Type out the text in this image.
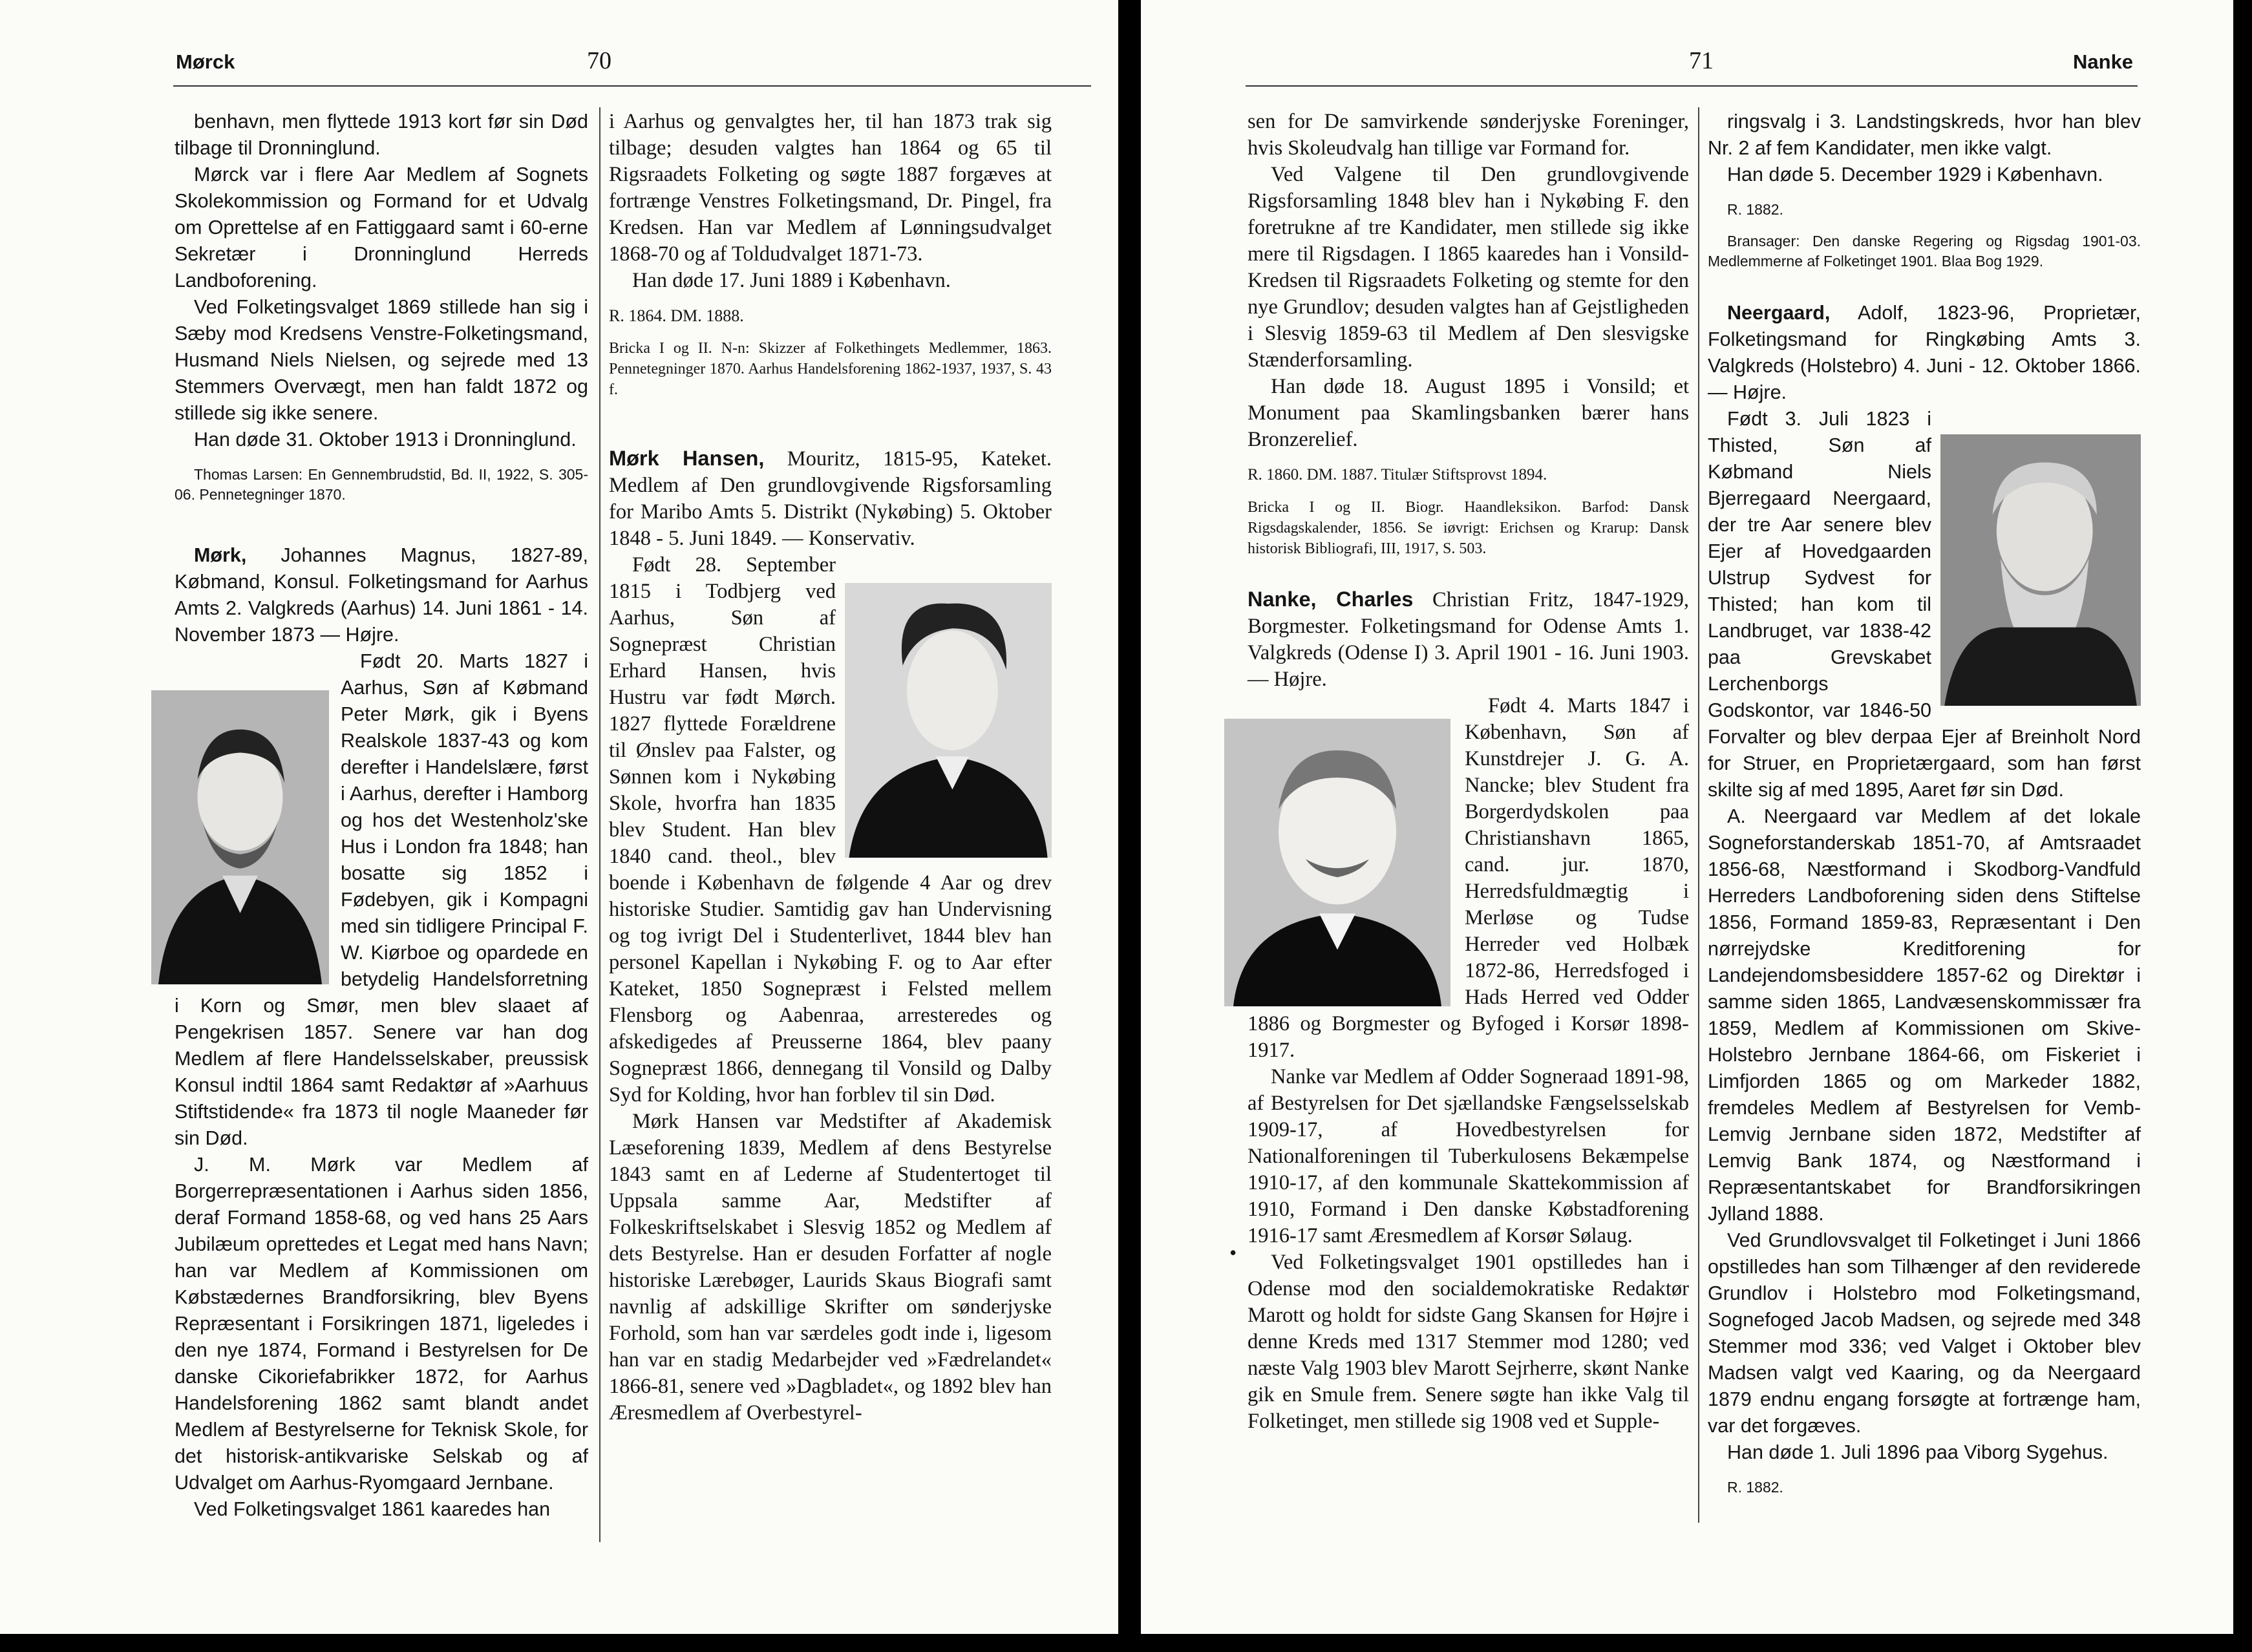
Mørck	70

benhavn, men flyttede 1913 kort før sin Død tilbage til Dronninglund.

Mørck var i flere Aar Medlem af Sognets Skolekommission og Formand for et Udvalg om Oprettelse af en Fattiggaard samt i 60-erne Sekretær i Dronninglund Herreds Landboforening.

Ved Folketingsvalget 1869 stillede han sig i Sæby mod Kredsens Venstre-Folketingsmand, Husmand Niels Nielsen, og sejrede med 13 Stemmers Overvægt, men han faldt 1872 og stillede sig ikke senere.

Han døde 31. Oktober 1913 i Dronninglund.

Thomas Larsen: En Gennembrudstid, Bd. II, 1922, S. 305-06. Pennetegninger 1870.

Mørk, Johannes Magnus, 1827-89, Købmand, Konsul. Folketingsmand for Aarhus Amts 2. Valgkreds (Aarhus) 14. Juni 1861 - 14. November 1873 — Højre.

Født 20. Marts 1827 i Aarhus, Søn af Købmand Peter Mørk, gik i Byens Realskole 1837-43 og kom derefter i Handelslære, først i Aarhus, derefter i Hamborg og hos det Westenholz'ske Hus i London fra 1848; han bosatte sig 1852 i Fødebyen, gik i Kompagni med sin tidligere Principal F. W. Kiørboe og opardede en betydelig Handelsforretning i Korn og Smør, men blev slaaet af Pengekrisen 1857. Senere var han dog Medlem af flere Handelsselskaber, preussisk Konsul indtil 1864 samt Redaktør af »Aarhuus Stiftstidende« fra 1873 til nogle Maaneder før sin Død.

J. M. Mørk var Medlem af Borgerrepræsentationen i Aarhus siden 1856, deraf Formand 1858-68, og ved hans 25 Aars Jubilæum oprettedes et Legat med hans Navn; han var Medlem af Kommissionen om Købstædernes Brandforsikring, blev Byens Repræsentant i Forsikringen 1871, ligeledes i den nye 1874, Formand i Bestyrelsen for De danske Cikoriefabrikker 1872, for Aarhus Handelsforening 1862 samt blandt andet Medlem af Bestyrelserne for Teknisk Skole, for det historisk-antikvariske Selskab og af Udvalget om Aarhus-Ryomgaard Jernbane.

Ved Folketingsvalget 1861 kaaredes han

i Aarhus og genvalgtes her, til han 1873 trak sig tilbage; desuden valgtes han 1864 og 65 til Rigsraadets Folketing og søgte 1887 forgæves at fortrænge Venstres Folketingsmand, Dr. Pingel, fra Kredsen. Han var Medlem af Lønningsudvalget 1868-70 og af Toldudvalget 1871-73.

Han døde 17. Juni 1889 i København.

R. 1864. DM. 1888.

Bricka I og II. N-n: Skizzer af Folkethingets Medlemmer, 1863. Pennetegninger 1870. Aarhus Handelsforening 1862-1937, 1937, S. 43 f.

Mørk Hansen, Mouritz, 1815-95, Kateket. Medlem af Den grundlovgivende Rigsforsamling for Maribo Amts 5. Distrikt (Nykøbing) 5. Oktober 1848 - 5. Juni 1849. — Konservativ.

Født 28. September 1815 i Todbjerg ved Aarhus, Søn af Sognepræst Christian Erhard Hansen, hvis Hustru var født Mørch. 1827 flyttede Forældrene til Ønslev paa Falster, og Sønnen kom i Nykøbing Skole, hvorfra han 1835 blev Student. Han blev 1840 cand. theol., blev boende i København de følgende 4 Aar og drev historiske Studier. Samtidig gav han Undervisning og tog ivrigt Del i Studenterlivet, 1844 blev han personel Kapellan i Nykøbing F. og to Aar efter Kateket, 1850 Sognepræst i Felsted mellem Flensborg og Aabenraa, arresteredes og afskedigedes af Preusserne 1864, blev paany Sognepræst 1866, dennegang til Vonsild og Dalby Syd for Kolding, hvor han forblev til sin Død.

Mørk Hansen var Medstifter af Akademisk Læseforening 1839, Medlem af dens Bestyrelse 1843 samt en af Lederne af Studentertoget til Uppsala samme Aar, Medstifter af Folkeskriftselskabet i Slesvig 1852 og Medlem af dets Bestyrelse. Han er desuden Forfatter af nogle historiske Lærebøger, Laurids Skaus Biografi samt navnlig af adskillige Skrifter om sønderjyske Forhold, som han var særdeles godt inde i, ligesom han var en stadig Medarbejder ved »Fædrelandet« 1866-81, senere ved »Dagbladet«, og 1892 blev han Æresmedlem af Overbestyrel-

71	Nanke

sen for De samvirkende sønderjyske Foreninger, hvis Skoleudvalg han tillige var Formand for.

Ved Valgene til Den grundlovgivende Rigsforsamling 1848 blev han i Nykøbing F. den foretrukne af tre Kandidater, men stillede sig ikke mere til Rigsdagen. I 1865 kaaredes han i Vonsild-Kredsen til Rigsraadets Folketing og stemte for den nye Grundlov; desuden valgtes han af Gejstligheden i Slesvig 1859-63 til Medlem af Den slesvigske Stænderforsamling.

Han døde 18. August 1895 i Vonsild; et Monument paa Skamlingsbanken bærer hans Bronzerelief.

R. 1860. DM. 1887. Titulær Stiftsprovst 1894.

Bricka I og II. Biogr. Haandleksikon. Barfod: Dansk Rigsdagskalender, 1856. Se iøvrigt: Erichsen og Krarup: Dansk historisk Bibliografi, III, 1917, S. 503.

Nanke, Charles Christian Fritz, 1847-1929, Borgmester. Folketingsmand for Odense Amts 1. Valgkreds (Odense I) 3. April 1901 - 16. Juni 1903. — Højre.

Født 4. Marts 1847 i København, Søn af Kunstdrejer J. G. A. Nancke; blev Student fra Borgerdydskolen paa Christianshavn 1865, cand. jur. 1870, Herredsfuldmægtig i Merløse og Tudse Herreder ved Holbæk 1872-86, Herredsfoged i Hads Herred ved Odder 1886 og Borgmester og Byfoged i Korsør 1898-1917.

Nanke var Medlem af Odder Sogneraad 1891-98, af Bestyrelsen for Det sjællandske Fængselsselskab 1909-17, af Hovedbestyrelsen for Nationalforeningen til Tuberkulosens Bekæmpelse 1910-17, af den kommunale Skattekommission af 1910, Formand i Den danske Købstadforening 1916-17 samt Æresmedlem af Korsør Sølaug.

Ved Folketingsvalget 1901 opstilledes han i Odense mod den socialdemokratiske Redaktør Marott og holdt for sidste Gang Skansen for Højre i denne Kreds med 1317 Stemmer mod 1280; ved næste Valg 1903 blev Marott Sejrherre, skønt Nanke gik en Smule frem. Senere søgte han ikke Valg til Folketinget, men stillede sig 1908 ved et Supple-

•

ringsvalg i 3. Landstingskreds, hvor han blev Nr. 2 af fem Kandidater, men ikke valgt.

Han døde 5. December 1929 i København.

R. 1882.

Bransager: Den danske Regering og Rigsdag 1901-03. Medlemmerne af Folketinget 1901. Blaa Bog 1929.

Neergaard, Adolf, 1823-96, Proprietær, Folketingsmand for Ringkøbing Amts 3. Valgkreds (Holstebro) 4. Juni - 12. Oktober 1866. — Højre.

Født 3. Juli 1823 i Thisted, Søn af Købmand Niels Bjerregaard Neergaard, der tre Aar senere blev Ejer af Hovedgaarden Ulstrup Sydvest for Thisted; han kom til Landbruget, var 1838-42 paa Grevskabet Lerchenborgs Godskontor, var 1846-50 Forvalter og blev derpaa Ejer af Breinholt Nord for Struer, en Proprietærgaard, som han først skilte sig af med 1895, Aaret før sin Død.

A. Neergaard var Medlem af det lokale Sogneforstanderskab 1851-70, af Amtsraadet 1856-68, Næstformand i Skodborg-Vandfuld Herreders Landboforening siden dens Stiftelse 1856, Formand 1859-83, Repræsentant i Den nørrejydske Kreditforening for Landejendomsbesiddere 1857-62 og Direktør i samme siden 1865, Landvæsenskommissær fra 1859, Medlem af Kommissionen om Skive-Holstebro Jernbane 1864-66, om Fiskeriet i Limfjorden 1865 og om Markeder 1882, fremdeles Medlem af Bestyrelsen for Vemb-Lemvig Jernbane siden 1872, Medstifter af Lemvig Bank 1874, og Næstformand i Repræsentantskabet for Brandforsikringen Jylland 1888.

Ved Grundlovsvalget til Folketinget i Juni 1866 opstilledes han som Tilhænger af den reviderede Grundlov i Holstebro mod Folketingsmand, Sognefoged Jacob Madsen, og sejrede med 348 Stemmer mod 336; ved Valget i Oktober blev Madsen valgt ved Kaaring, og da Neergaard 1879 endnu engang forsøgte at fortrænge ham, var det forgæves.

Han døde 1. Juli 1896 paa Viborg Sygehus.

R. 1882.
